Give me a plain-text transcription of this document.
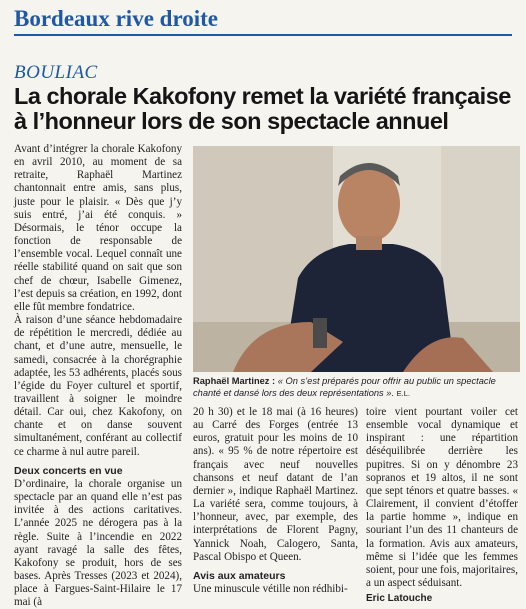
Bordeaux rive droite
BOULIAC
La chorale Kakofony remet la variété française à l’honneur lors de son spectacle annuel

Avant d’intégrer la chorale Kakofony en avril 2010, au moment de sa retraite, Raphaël Martinez chantonnait entre amis, sans plus, juste pour le plaisir. « Dès que j’y suis entré, j’ai été conquis. » Désormais, le ténor occupe la fonction de responsable de l’ensemble vocal. Lequel connaît une réelle stabilité quand on sait que son chef de chœur, Isabelle Gimenez, l’est depuis sa création, en 1992, dont elle fût membre fondatrice.

À raison d’une séance hebdomadaire de répétition le mercredi, dédiée au chant, et d’une autre, mensuelle, le samedi, consacrée à la chorégraphie adaptée, les 53 adhérents, placés sous l’égide du Foyer culturel et sportif, travaillent à soigner le moindre détail. Car oui, chez Kakofony, on chante et on danse souvent simultanément, conférant au collectif ce charme à nul autre pareil.

Deux concerts en vue

D’ordinaire, la chorale organise un spectacle par an quand elle n’est pas invitée à des actions caritatives. L’année 2025 ne dérogera pas à la règle. Suite à l’incendie en 2022 ayant ravagé la salle des fêtes, Kakofony se produit, hors de ses bases. Après Tresses (2023 et 2024), place à Fargues-Saint-Hilaire le 17 mai (à

Raphaël Martinez : « On s’est préparés pour offrir au public un spectacle chanté et dansé lors des deux représentations ». E.L.

20 h 30) et le 18 mai (à 16 heures) au Carré des Forges (entrée 13 euros, gratuit pour les moins de 10 ans). « 95 % de notre répertoire est français avec neuf nouvelles chansons et neuf datant de l’an dernier », indique Raphaël Martinez. La variété sera, comme toujours, à l’honneur, avec, par exemple, des interprétations de Florent Pagny, Yannick Noah, Calogero, Santa, Pascal Obispo et Queen.

Avis aux amateurs

Une minuscule vétille non rédhibi-

toire vient pourtant voiler cet ensemble vocal dynamique et inspirant : une répartition déséquilibrée derrière les pupitres. Si on y dénombre 23 sopranos et 19 altos, il ne sont que sept ténors et quatre basses. « Clairement, il convient d’étoffer la partie homme », indique en souriant l’un des 11 chanteurs de la formation. Avis aux amateurs, même si l’idée que les femmes soient, pour une fois, majoritaires, a un aspect séduisant.

Eric Latouche
